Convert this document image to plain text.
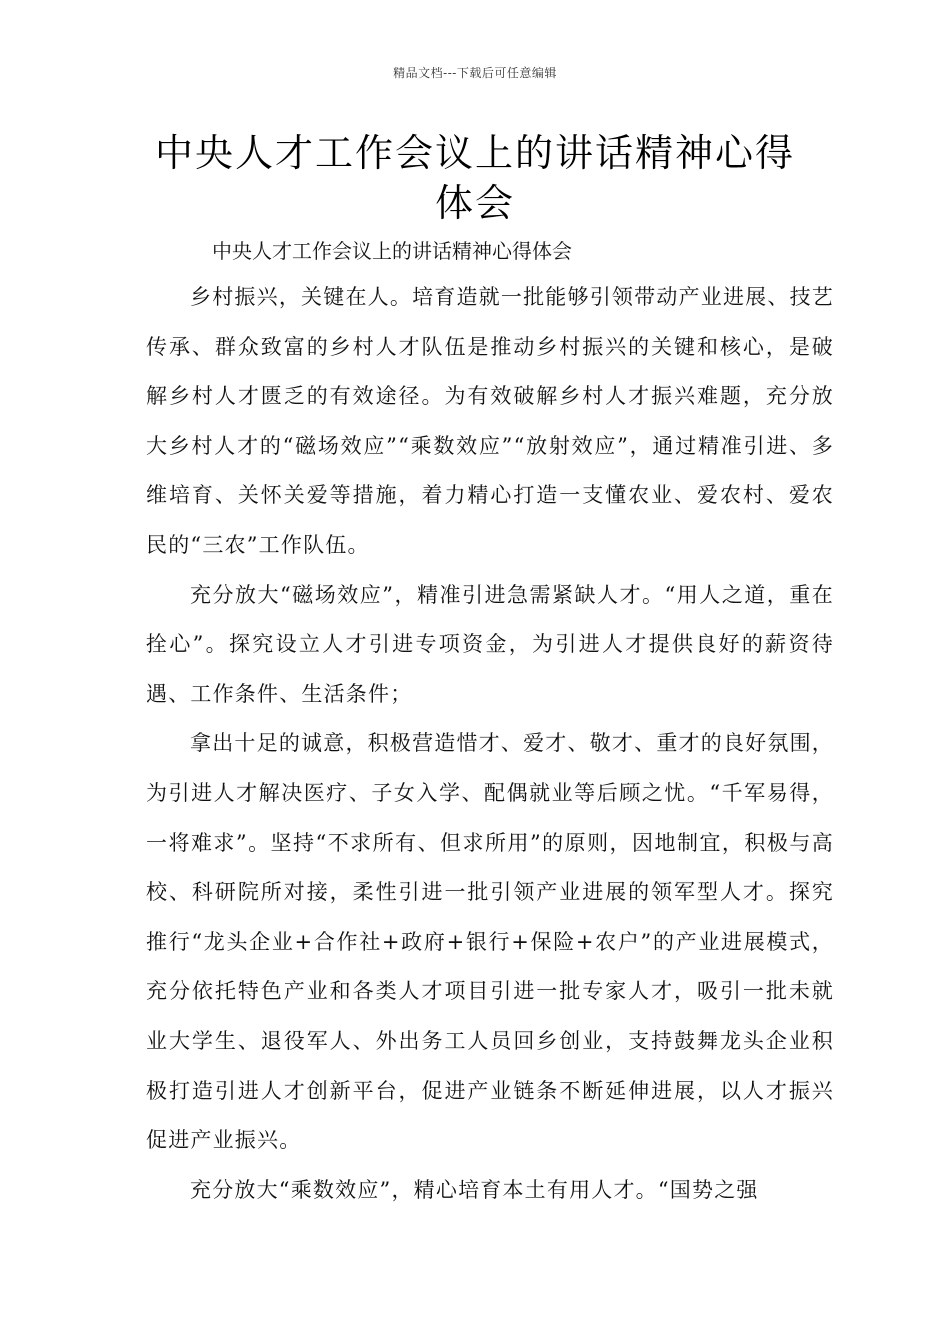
精品文档---下载后可任意编辑
中央人才工作会议上的讲话精神心得体会

中央人才工作会议上的讲话精神心得体会

乡村振兴，关键在人。培育造就一批能够引领带动产业进展、技艺传承、群众致富的乡村人才队伍是推动乡村振兴的关键和核心，是破解乡村人才匮乏的有效途径。为有效破解乡村人才振兴难题，充分放大乡村人才的“磁场效应”“乘数效应”“放射效应”，通过精准引进、多维培育、关怀关爱等措施，着力精心打造一支懂农业、爱农村、爱农民的“三农”工作队伍。

充分放大“磁场效应”，精准引进急需紧缺人才。“用人之道，重在拴心”。探究设立人才引进专项资金，为引进人才提供良好的薪资待遇、工作条件、生活条件；

拿出十足的诚意，积极营造惜才、爱才、敬才、重才的良好氛围，为引进人才解决医疗、子女入学、配偶就业等后顾之忧。“千军易得，一将难求”。坚持“不求所有、但求所用”的原则，因地制宜，积极与高校、科研院所对接，柔性引进一批引领产业进展的领军型人才。探究推行“龙头企业+合作社+政府+银行+保险+农户”的产业进展模式，充分依托特色产业和各类人才项目引进一批专家人才，吸引一批未就业大学生、退役军人、外出务工人员回乡创业，支持鼓舞龙头企业积极打造引进人才创新平台，促进产业链条不断延伸进展，以人才振兴促进产业振兴。

充分放大“乘数效应”，精心培育本土有用人才。“国势之强
